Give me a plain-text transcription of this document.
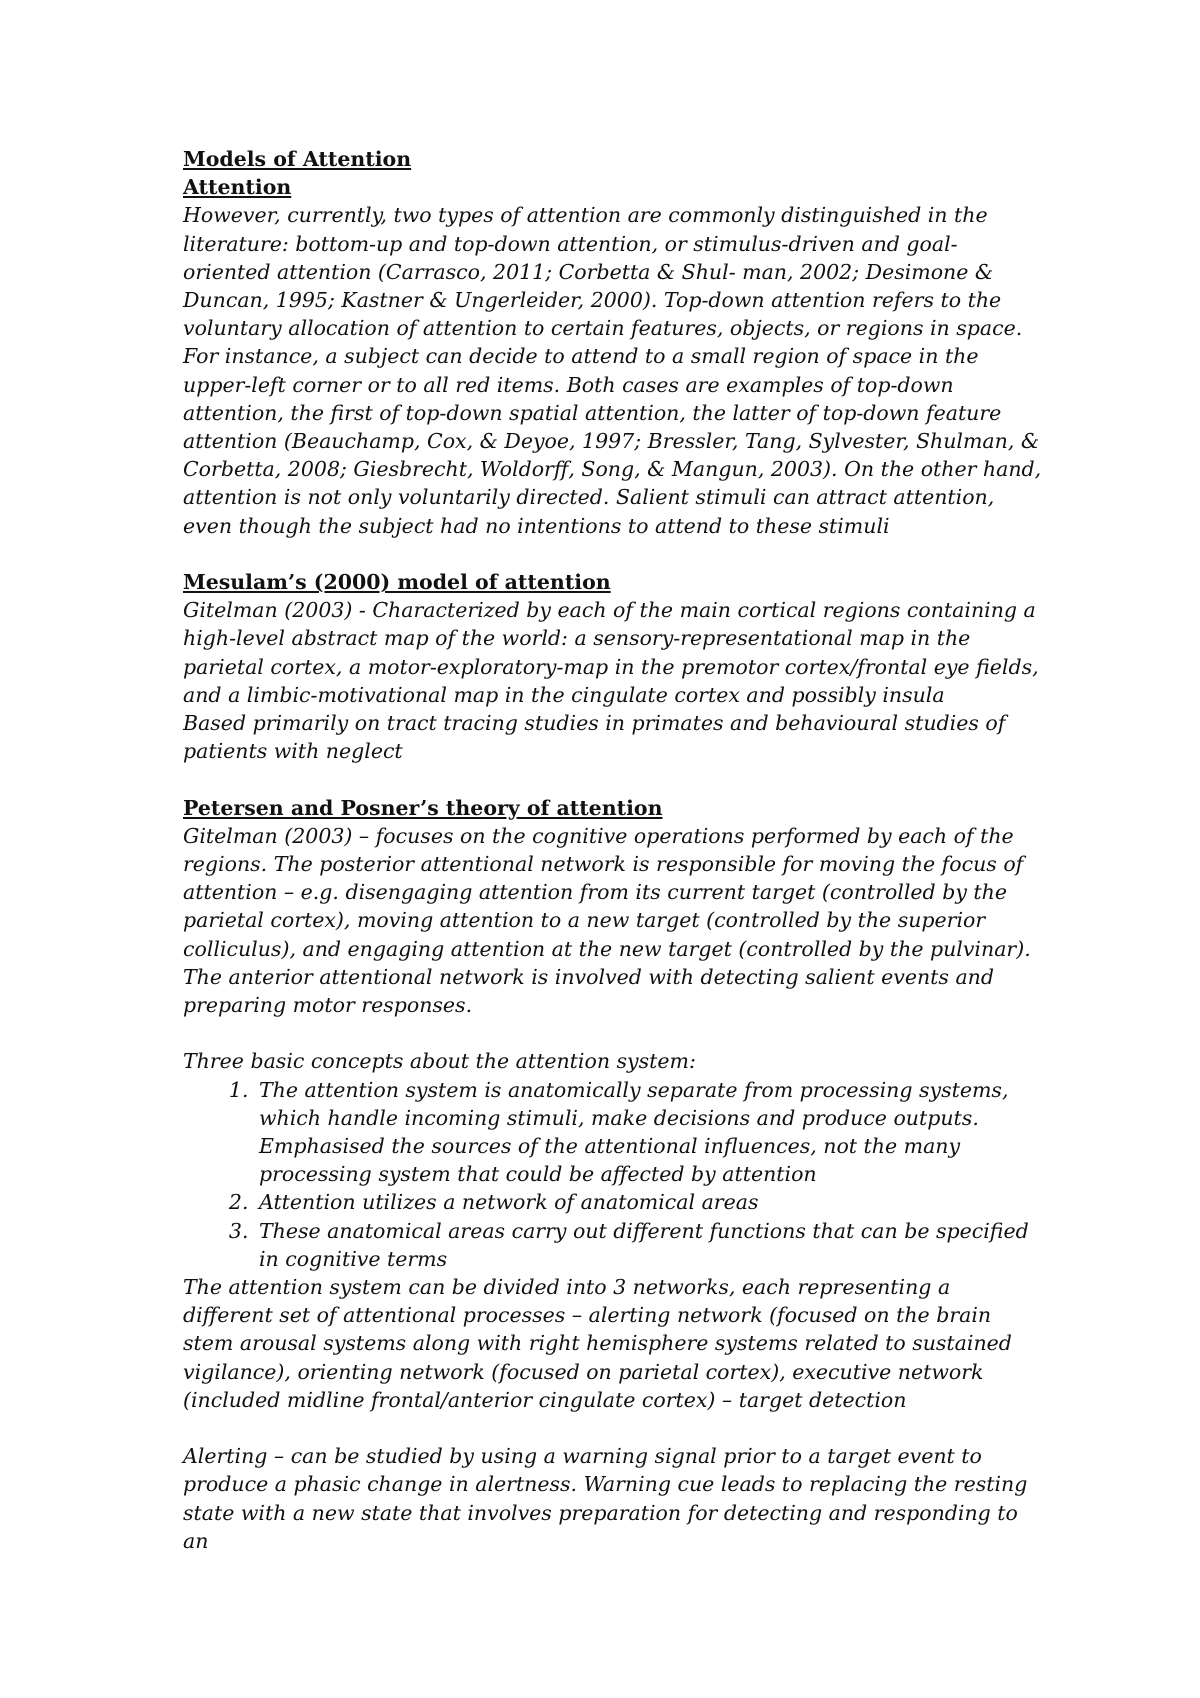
Models of Attention
Attention

However, currently, two types of attention are commonly distinguished in the literature: bottom-up and top-down attention, or stimulus-driven and goal-oriented attention (Carrasco, 2011; Corbetta & Shul- man, 2002; Desimone & Duncan, 1995; Kastner & Ungerleider, 2000). Top-down attention refers to the voluntary allocation of attention to certain features, objects, or regions in space. For instance, a subject can decide to attend to a small region of space in the upper-left corner or to all red items. Both cases are examples of top-down attention, the first of top-down spatial attention, the latter of top-down feature attention (Beauchamp, Cox, & Deyoe, 1997; Bressler, Tang, Sylvester, Shulman, & Corbetta, 2008; Giesbrecht, Woldorff, Song, & Mangun, 2003). On the other hand, attention is not only voluntarily directed. Salient stimuli can attract attention, even though the subject had no intentions to attend to these stimuli

Mesulam’s (2000) model of attention

Gitelman (2003) - Characterized by each of the main cortical regions containing a high-level abstract map of the world: a sensory-representational map in the parietal cortex, a motor-exploratory-map in the premotor cortex/frontal eye fields, and a limbic-motivational map in the cingulate cortex and possibly insula

Based primarily on tract tracing studies in primates and behavioural studies of patients with neglect

Petersen and Posner’s theory of attention

Gitelman (2003) – focuses on the cognitive operations performed by each of the regions. The posterior attentional network is responsible for moving the focus of attention – e.g. disengaging attention from its current target (controlled by the parietal cortex), moving attention to a new target (controlled by the superior colliculus), and engaging attention at the new target (controlled by the pulvinar). The anterior attentional network is involved with detecting salient events and preparing motor responses.

Three basic concepts about the attention system:

1. The attention system is anatomically separate from processing systems, which handle incoming stimuli, make decisions and produce outputs. Emphasised the sources of the attentional influences, not the many processing system that could be affected by attention
2. Attention utilizes a network of anatomical areas
3. These anatomical areas carry out different functions that can be specified in cognitive terms

The attention system can be divided into 3 networks, each representing a different set of attentional processes – alerting network (focused on the brain stem arousal systems along with right hemisphere systems related to sustained vigilance), orienting network (focused on parietal cortex), executive network (included midline frontal/anterior cingulate cortex) – target detection

Alerting – can be studied by using a warning signal prior to a target event to produce a phasic change in alertness. Warning cue leads to replacing the resting state with a new state that involves preparation for detecting and responding to an
